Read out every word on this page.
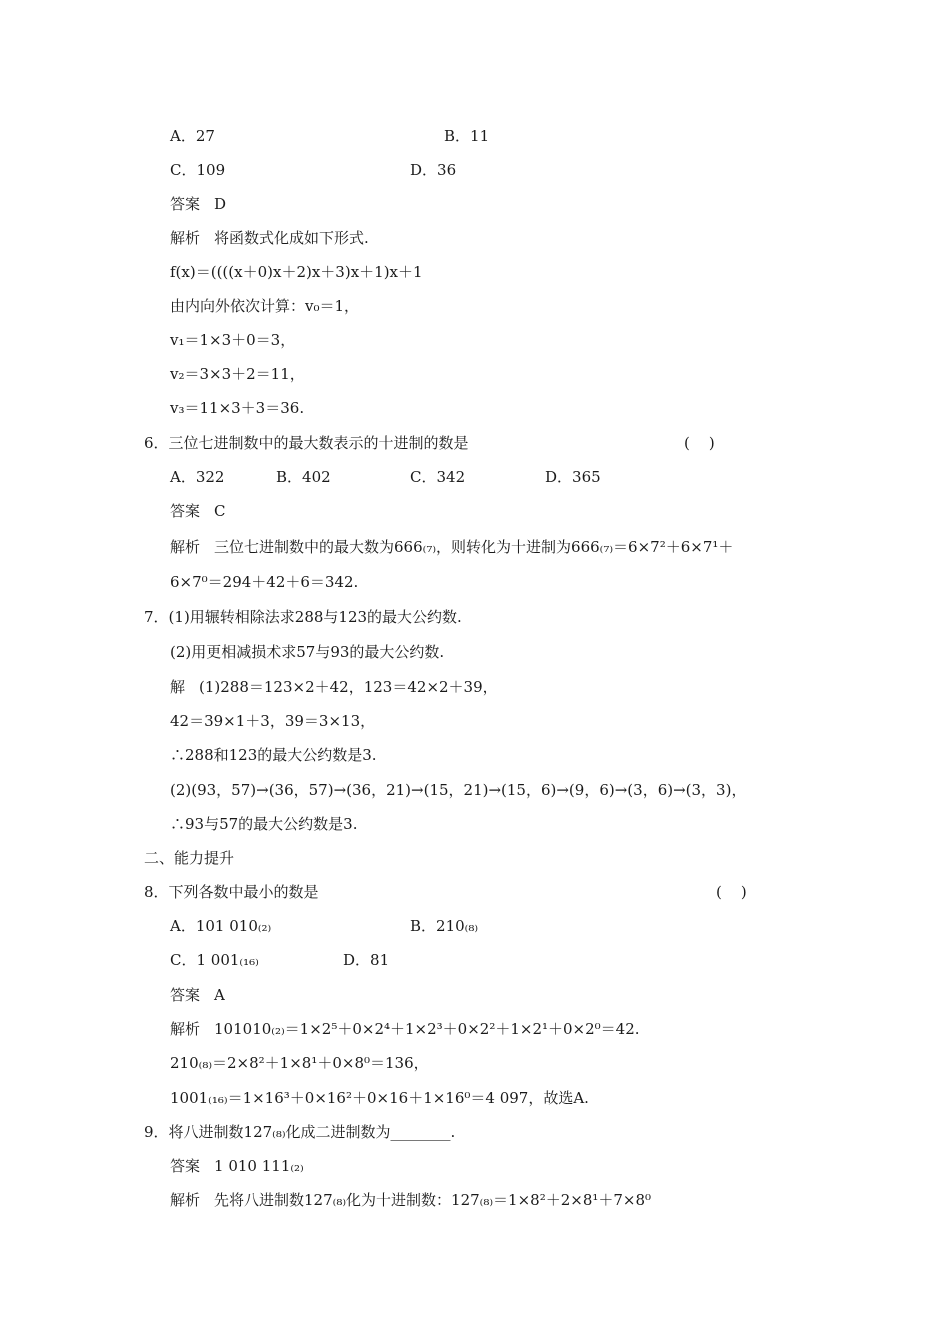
A．27	B．11
C．109	D．36
答案 D
解析 将函数式化成如下形式.
f(x)＝((((x＋0)x＋2)x＋3)x＋1)x＋1
由内向外依次计算：v₀＝1，
v₁＝1×3＋0＝3，
v₂＝3×3＋2＝11，
v₃＝11×3＋3＝36.
6．三位七进制数中的最大数表示的十进制的数是	(    )
A．322	B．402	C．342	D．365
答案 C
解析 三位七进制数中的最大数为666₍₇₎，则转化为十进制为666₍₇₎＝6×7²＋6×7¹＋
6×7⁰＝294＋42＋6＝342.
7．(1)用辗转相除法求288与123的最大公约数.
(2)用更相减损术求57与93的最大公约数.
解 (1)288＝123×2＋42，123＝42×2＋39，
42＝39×1＋3，39＝3×13，
∴288和123的最大公约数是3.
(2)(93，57)→(36，57)→(36，21)→(15，21)→(15，6)→(9，6)→(3，6)→(3，3)，
∴93与57的最大公约数是3.
二、能力提升
8．下列各数中最小的数是	(    )
A．101 010₍₂₎	B．210₍₈₎
C．1 001₍₁₆₎	D．81
答案 A
解析 101010₍₂₎＝1×2⁵＋0×2⁴＋1×2³＋0×2²＋1×2¹＋0×2⁰＝42.
210₍₈₎＝2×8²＋1×8¹＋0×8⁰＝136，
1001₍₁₆₎＝1×16³＋0×16²＋0×16＋1×16⁰＝4 097，故选A.
9．将八进制数127₍₈₎化成二进制数为________.
答案 1 010 111₍₂₎
解析 先将八进制数127₍₈₎化为十进制数：127₍₈₎＝1×8²＋2×8¹＋7×8⁰
